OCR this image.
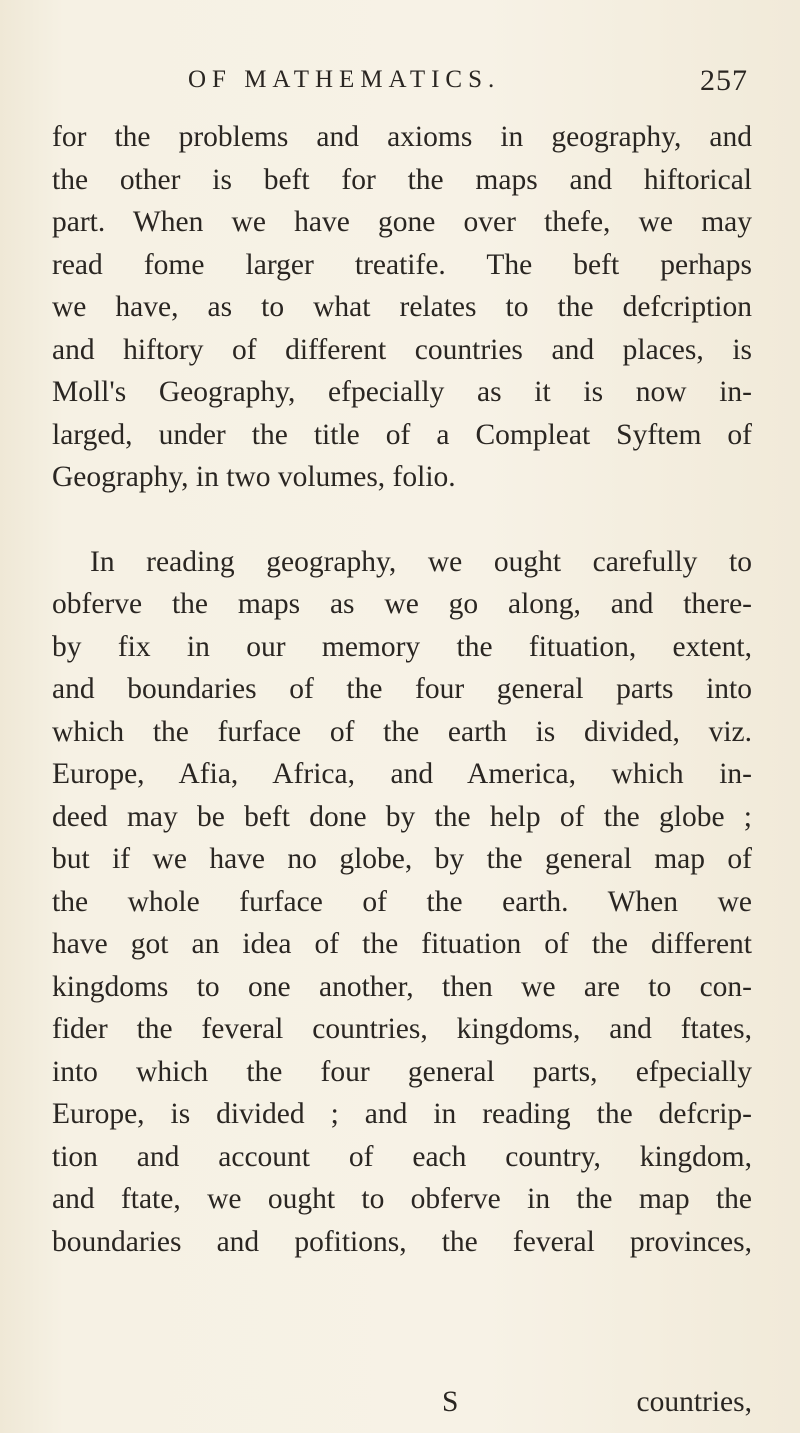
OF MATHEMATICS.	257

for the problems and axioms in geography, and
the other is beft for the maps and hiftorical
part. When we have gone over thefe, we may
read fome larger treatife. The beft perhaps
we have, as to what relates to the defcription
and hiftory of different countries and places, is
Moll's Geography, efpecially as it is now in-
larged, under the title of a Compleat Syftem of
Geography, in two volumes, folio.

In reading geography, we ought carefully to
obferve the maps as we go along, and there-
by fix in our memory the fituation, extent,
and boundaries of the four general parts into
which the furface of the earth is divided, viz.
Europe, Afia, Africa, and America, which in-
deed may be beft done by the help of the globe ;
but if we have no globe, by the general map of
the whole furface of the earth. When we
have got an idea of the fituation of the different
kingdoms to one another, then we are to con-
fider the feveral countries, kingdoms, and ftates,
into which the four general parts, efpecially
Europe, is divided ; and in reading the defcrip-
tion and account of each country, kingdom,
and ftate, we ought to obferve in the map the
boundaries and pofitions, the feveral provinces,

S	countries,
